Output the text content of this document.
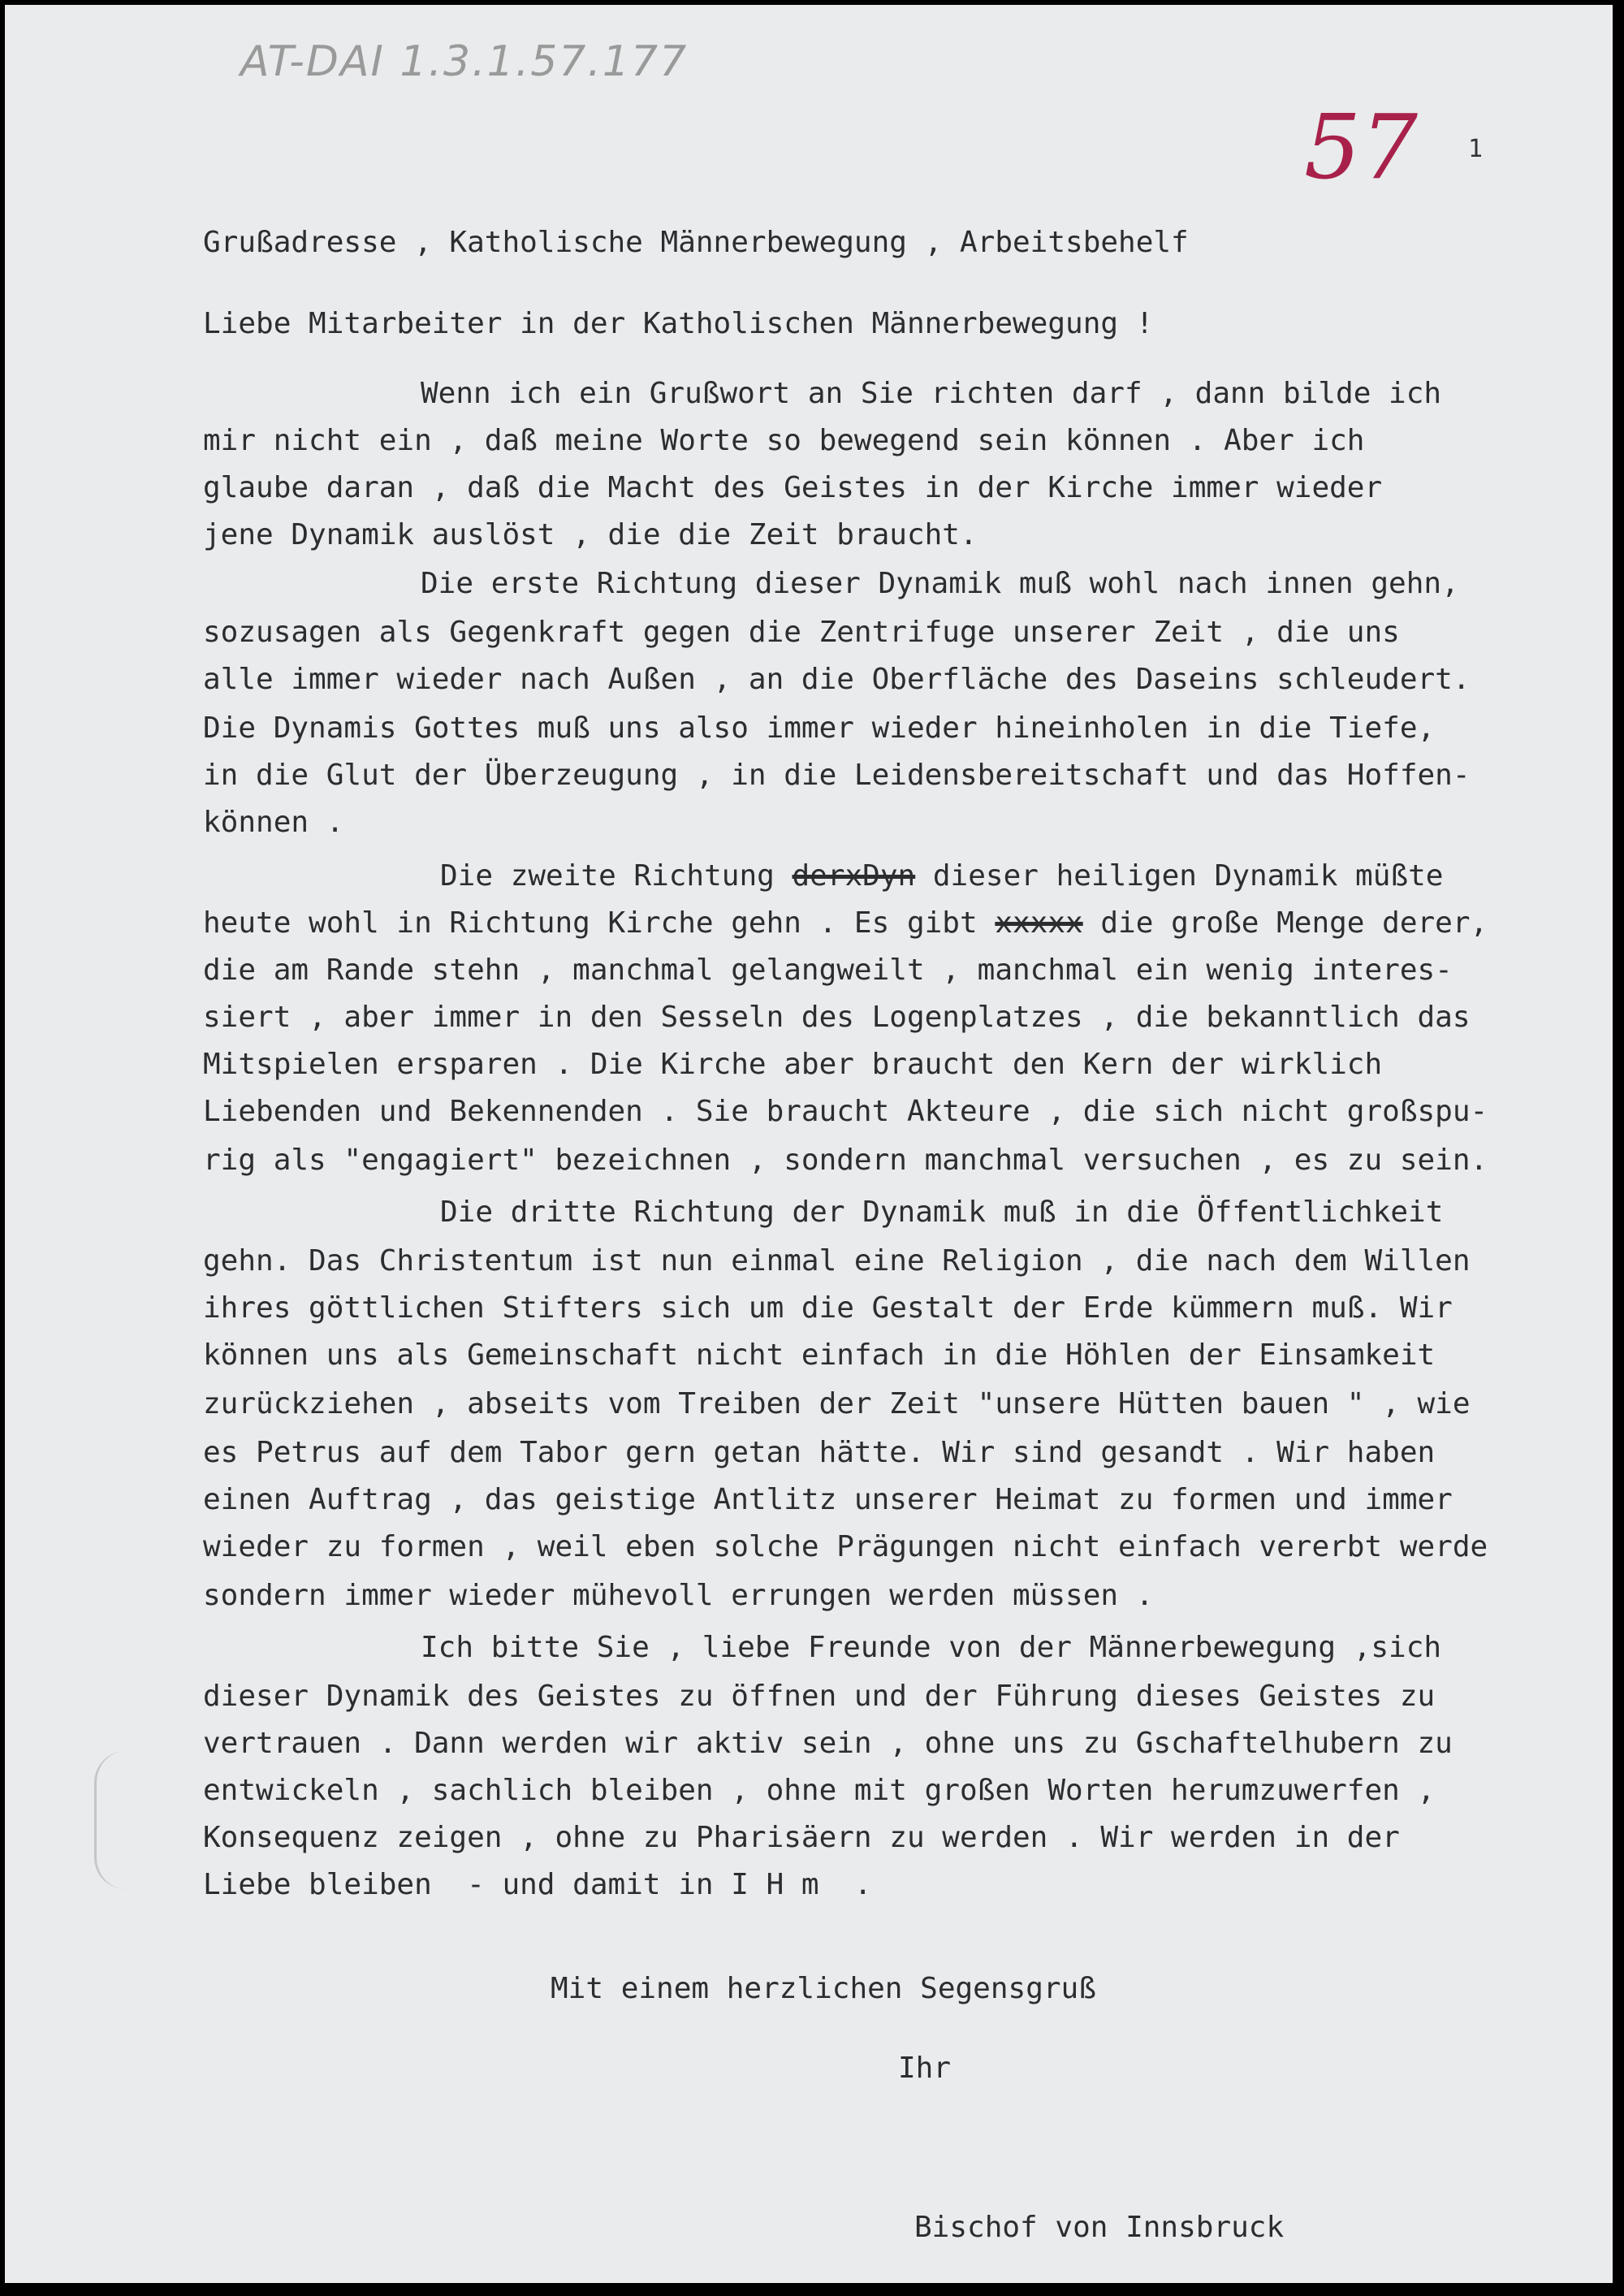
AT-DAI 1.3.1.57.177
57 1

Grußadresse , Katholische Männerbewegung , Arbeitsbehelf

Liebe Mitarbeiter in der Katholischen Männerbewegung !

Wenn ich ein Grußwort an Sie richten darf , dann bilde ich

mir nicht ein , daß meine Worte so bewegend sein können . Aber ich

glaube daran , daß die Macht des Geistes in der Kirche immer wieder

jene Dynamik auslöst , die die Zeit braucht.

Die erste Richtung dieser Dynamik muß wohl nach innen gehn,

sozusagen als Gegenkraft gegen die Zentrifuge unserer Zeit , die uns

alle immer wieder nach Außen , an die Oberfläche des Daseins schleudert.

Die Dynamis Gottes muß uns also immer wieder hineinholen in die Tiefe,

in die Glut der Überzeugung , in die Leidensbereitschaft und das Hoffen-

können .

Die zweite Richtung derxDyn dieser heiligen Dynamik müßte

heute wohl in Richtung Kirche gehn . Es gibt xxxxx die große Menge derer,

die am Rande stehn , manchmal gelangweilt , manchmal ein wenig interes-

siert , aber immer in den Sesseln des Logenplatzes , die bekanntlich das

Mitspielen ersparen . Die Kirche aber braucht den Kern der wirklich

Liebenden und Bekennenden . Sie braucht Akteure , die sich nicht großspu-

rig als "engagiert" bezeichnen , sondern manchmal versuchen , es zu sein.

Die dritte Richtung der Dynamik muß in die Öffentlichkeit

gehn. Das Christentum ist nun einmal eine Religion , die nach dem Willen

ihres göttlichen Stifters sich um die Gestalt der Erde kümmern muß. Wir

können uns als Gemeinschaft nicht einfach in die Höhlen der Einsamkeit

zurückziehen , abseits vom Treiben der Zeit "unsere Hütten bauen " , wie

es Petrus auf dem Tabor gern getan hätte. Wir sind gesandt . Wir haben

einen Auftrag , das geistige Antlitz unserer Heimat zu formen und immer

wieder zu formen , weil eben solche Prägungen nicht einfach vererbt werde

sondern immer wieder mühevoll errungen werden müssen .

Ich bitte Sie , liebe Freunde von der Männerbewegung ,sich

dieser Dynamik des Geistes zu öffnen und der Führung dieses Geistes zu

vertrauen . Dann werden wir aktiv sein , ohne uns zu Gschaftelhubern zu

entwickeln , sachlich bleiben , ohne mit großen Worten herumzuwerfen ,

Konsequenz zeigen , ohne zu Pharisäern zu werden . Wir werden in der

Liebe bleiben  - und damit in I H m  .

Mit einem herzlichen Segensgruß

Ihr

Bischof von Innsbruck
